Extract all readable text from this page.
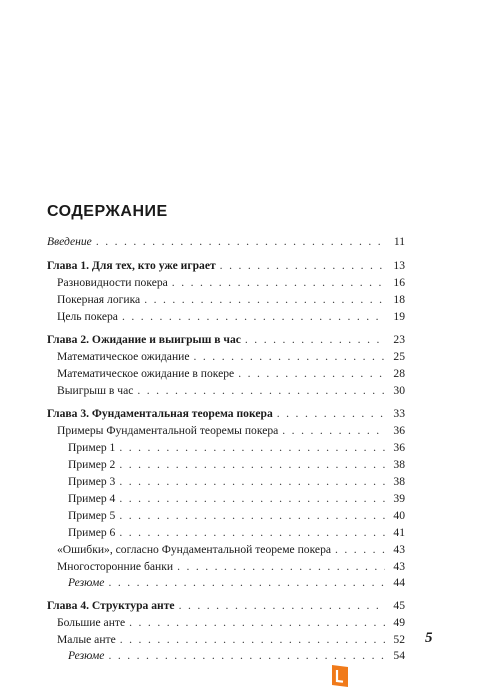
СОДЕРЖАНИЕ
Введение . . .	11
Глава 1. Для тех, кто уже играет . . .	13
Разновидности покера . . .	16
Покерная логика . . .	18
Цель покера . . .	19
Глава 2. Ожидание и выигрыш в час . . .	23
Математическое ожидание . . .	25
Математическое ожидание в покере . . .	28
Выигрыш в час . . .	30
Глава 3. Фундаментальная теорема покера . . .	33
Примеры Фундаментальной теоремы покера . . .	36
Пример 1 . . .	36
Пример 2 . . .	38
Пример 3 . . .	38
Пример 4 . . .	39
Пример 5 . . .	40
Пример 6 . . .	41
«Ошибки», согласно Фундаментальной теореме покера . . .	43
Многосторонние банки . . .	43
Резюме . . .	44
Глава 4. Структура анте . . .	45
Большие анте . . .	49
Малые анте . . .	52
Резюме . . .	54
5
